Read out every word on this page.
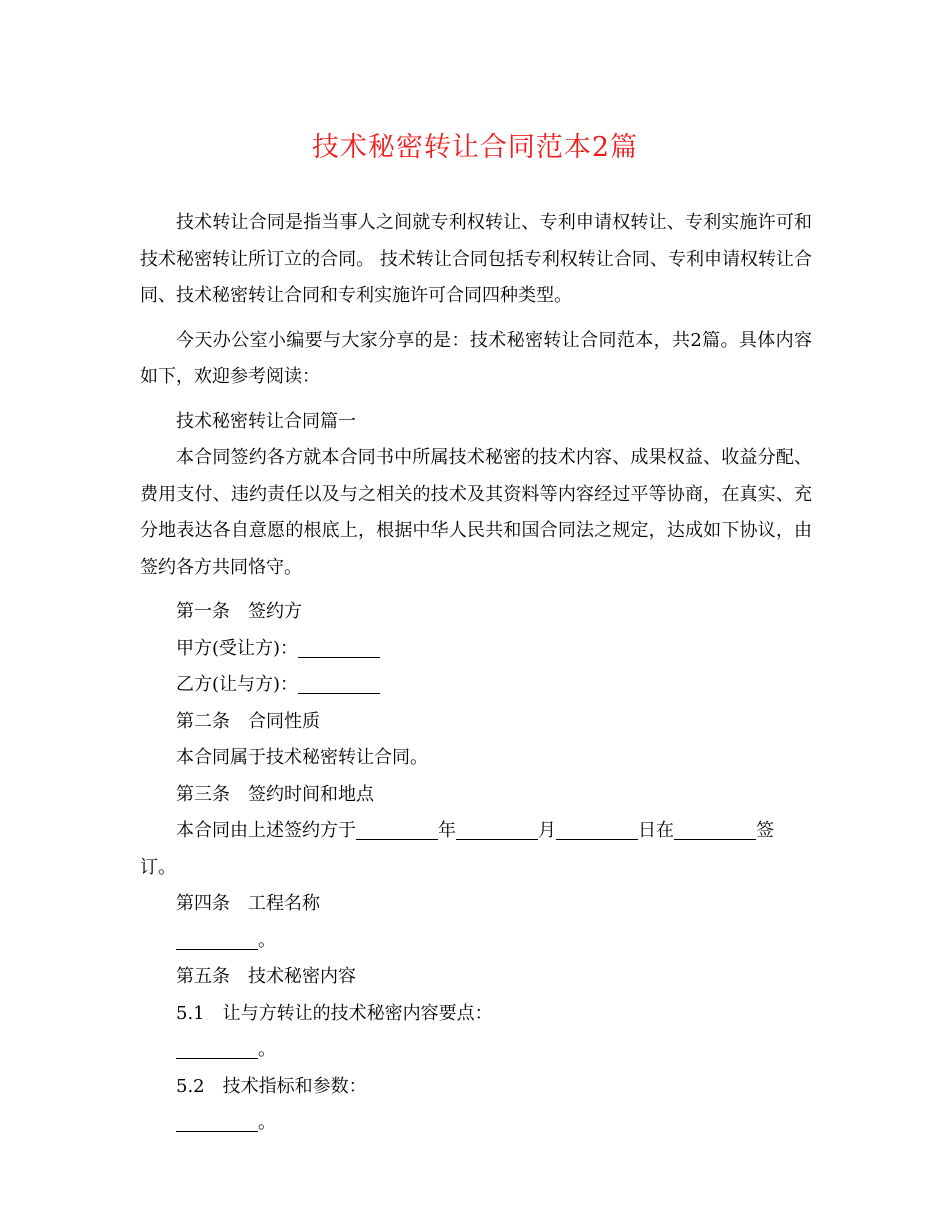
技术秘密转让合同范本2篇

技术转让合同是指当事人之间就专利权转让、专利申请权转让、专利实施许可和技术秘密转让所订立的合同。 技术转让合同包括专利权转让合同、专利申请权转让合同、技术秘密转让合同和专利实施许可合同四种类型。

今天办公室小编要与大家分享的是：技术秘密转让合同范本，共2篇。具体内容如下，欢迎参考阅读：

技术秘密转让合同篇一

本合同签约各方就本合同书中所属技术秘密的技术内容、成果权益、收益分配、费用支付、违约责任以及与之相关的技术及其资料等内容经过平等协商，在真实、充分地表达各自意愿的根底上，根据中华人民共和国合同法之规定，达成如下协议，由签约各方共同恪守。

第一条 签约方

甲方(受让方)：

乙方(让与方)：

第二条 合同性质

本合同属于技术秘密转让合同。

第三条 签约时间和地点

本合同由上述签约方于	年	月	日在	签

订。

第四条 工程名称

。

第五条 技术秘密内容

5.1 让与方转让的技术秘密内容要点：

。

5.2 技术指标和参数：

。
